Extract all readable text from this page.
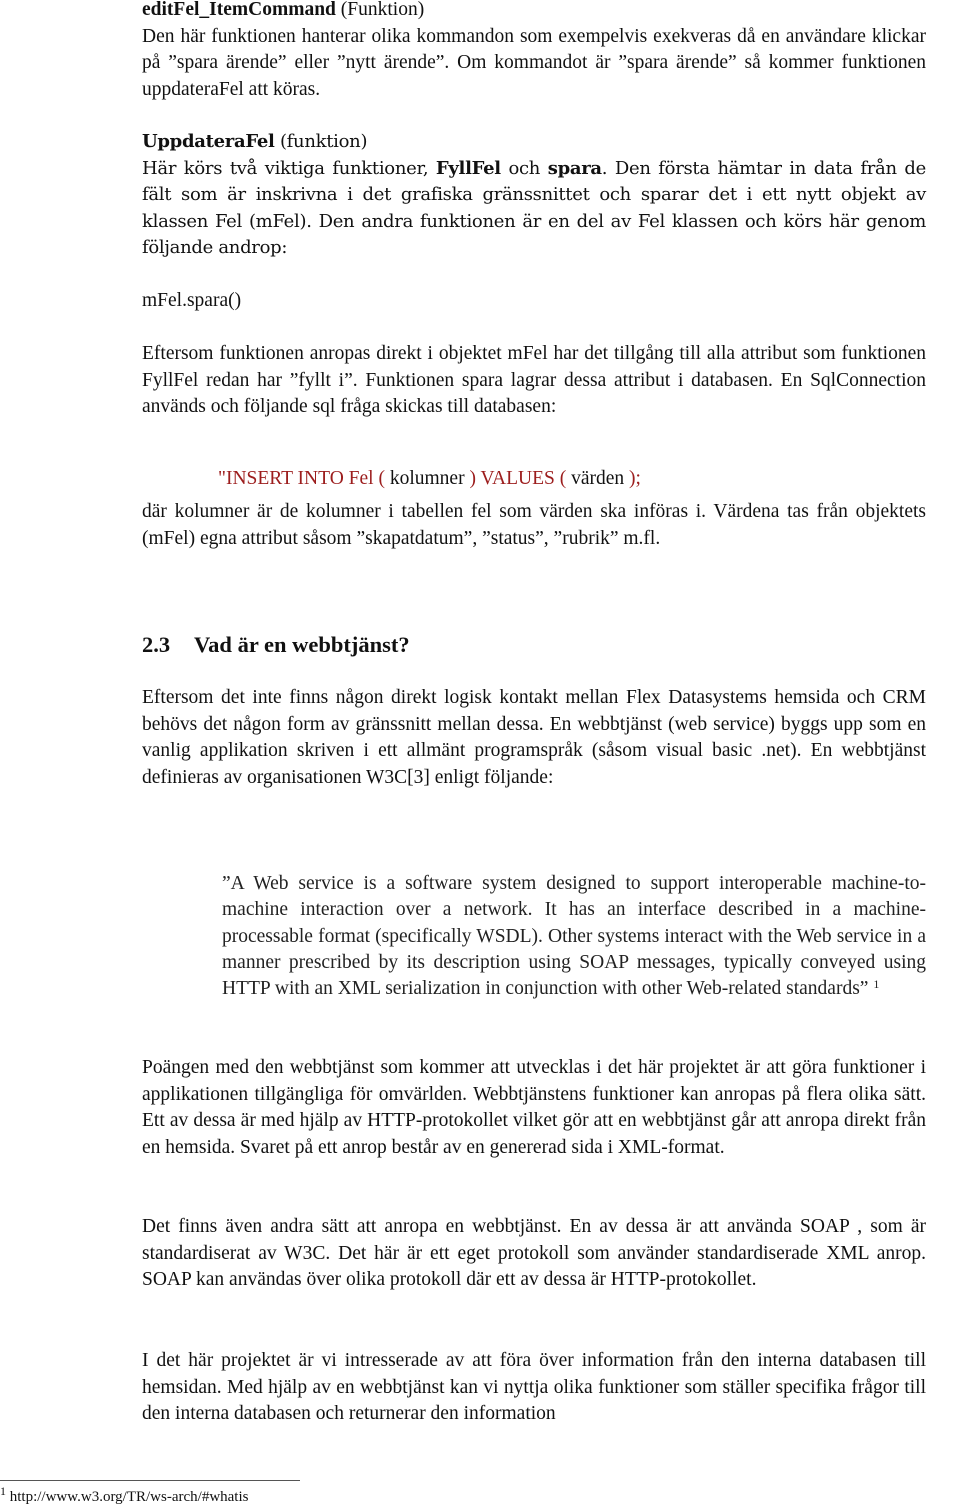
editFel_ItemCommand (Funktion)
Den här funktionen hanterar olika kommandon som exempelvis exekveras då en användare klickar på ”spara ärende” eller ”nytt ärende”. Om kommandot är ”spara ärende” så kommer funktionen uppdateraFel att köras.

UppdateraFel (funktion)
Här körs två viktiga funktioner, FyllFel och spara. Den första hämtar in data från de fält som är inskrivna i det grafiska gränssnittet och sparar det i ett nytt objekt av klassen Fel (mFel). Den andra funktionen är en del av Fel klassen och körs här genom följande androp:

mFel.spara()

Eftersom funktionen anropas direkt i objektet mFel har det tillgång till alla attribut som funktionen FyllFel redan har ”fyllt i”. Funktionen spara lagrar dessa attribut i databasen. En SqlConnection används och följande sql fråga skickas till databasen:

"INSERT INTO Fel ( kolumner ) VALUES ( värden );

där kolumner är de kolumner i tabellen fel som värden ska införas i. Värdena tas från objektets (mFel) egna attribut såsom ”skapatdatum”, ”status”, ”rubrik” m.fl.

2.3 Vad är en webbtjänst?

Eftersom det inte finns någon direkt logisk kontakt mellan Flex Datasystems hemsida och CRM behövs det någon form av gränssnitt mellan dessa. En webbtjänst (web service) byggs upp som en vanlig applikation skriven i ett allmänt programspråk (såsom visual basic .net). En webbtjänst definieras av organisationen W3C[3] enligt följande:

”A Web service is a software system designed to support interoperable machine-to-machine interaction over a network. It has an interface described in a machine-processable format (specifically WSDL). Other systems interact with the Web service in a manner prescribed by its description using SOAP messages, typically conveyed using HTTP with an XML serialization in conjunction with other Web-related standards” $^1$

Poängen med den webbtjänst som kommer att utvecklas i det här projektet är att göra funktioner i applikationen tillgängliga för omvärlden. Webbtjänstens funktioner kan anropas på flera olika sätt. Ett av dessa är med hjälp av HTTP-protokollet vilket gör att en webbtjänst går att anropa direkt från en hemsida. Svaret på ett anrop består av en genererad sida i XML-format.

Det finns även andra sätt att anropa en webbtjänst. En av dessa är att använda SOAP , som är standardiserat av W3C. Det här är ett eget protokoll som använder standardiserade XML anrop. SOAP kan användas över olika protokoll där ett av dessa är HTTP-protokollet.

I det här projektet är vi intresserade av att föra över information från den interna databasen till hemsidan. Med hjälp av en webbtjänst kan vi nyttja olika funktioner som ställer specifika frågor till den interna databasen och returnerar den information

$^1$ http://www.w3.org/TR/ws-arch/#whatis
